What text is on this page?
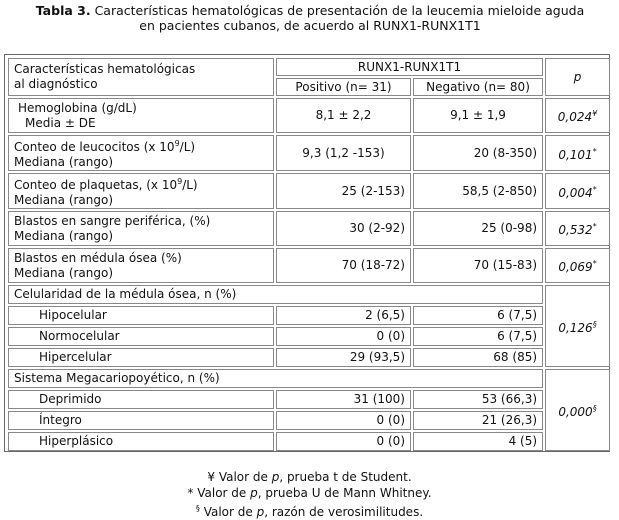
Tabla 3. Características hematológicas de presentación de la leucemia mieloide aguda
en pacientes cubanos, de acuerdo al RUNX1-RUNX1T1
Características hematológicas
al diagnóstico	RUNX1-RUNX1T1		p
	Positivo (n= 31)	Negativo (n= 80)	

Hemoglobina (g/dL)
Media ± DE	8,1 ± 2,2	9,1 ± 1,9	0,024¥

Conteo de leucocitos (x $10^9/L$)
Mediana (rango)	9,3 (1,2 -153)	20 (8-350)	0,101*

Conteo de plaquetas, (x $10^9/L$)
Mediana (rango)	25 (2-153)	58,5 (2-850)	0,004*

Blastos en sangre periférica, (%)
Mediana (rango)	30 (2-92)	25 (0-98)	0,532*

Blastos en médula ósea (%)
Mediana (rango)	70 (18-72)	70 (15-83)	0,069*
Celularidad de la médula ósea, n (%)			0,126§
Hipocelular	2 (6,5)	6 (7,5)	
Normocelular	0 (0)	6 (7,5)	
Hipercelular	29 (93,5)	68 (85)	
Sistema Megacariopoyético, n (%)			0,000§
Deprimido	31 (100)	53 (66,3)	
Íntegro	0 (0)	21 (26,3)	
Hiperplásico	0 (0)	4 (5)	
¥ Valor de p, prueba t de Student.
* Valor de p, prueba U de Mann Whitney.
§ Valor de p, razón de verosimilitudes.
